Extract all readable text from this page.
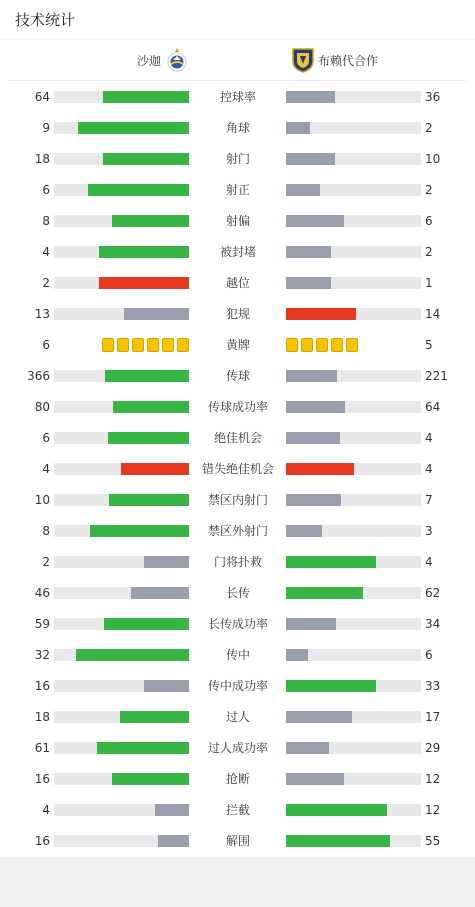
技术统计
沙迦	布赖代合作
64	控球率	36
9	角球	2
18	射门	10
6	射正	2
8	射偏	6
4	被封堵	2
2	越位	1
13	犯规	14
6	黄牌	5
366	传球	221
80	传球成功率	64
6	绝佳机会	4
4	错失绝佳机会	4
10	禁区内射门	7
8	禁区外射门	3
2	门将扑救	4
46	长传	62
59	长传成功率	34
32	传中	6
16	传中成功率	33
18	过人	17
61	过人成功率	29
16	抢断	12
4	拦截	12
16	解围	55
